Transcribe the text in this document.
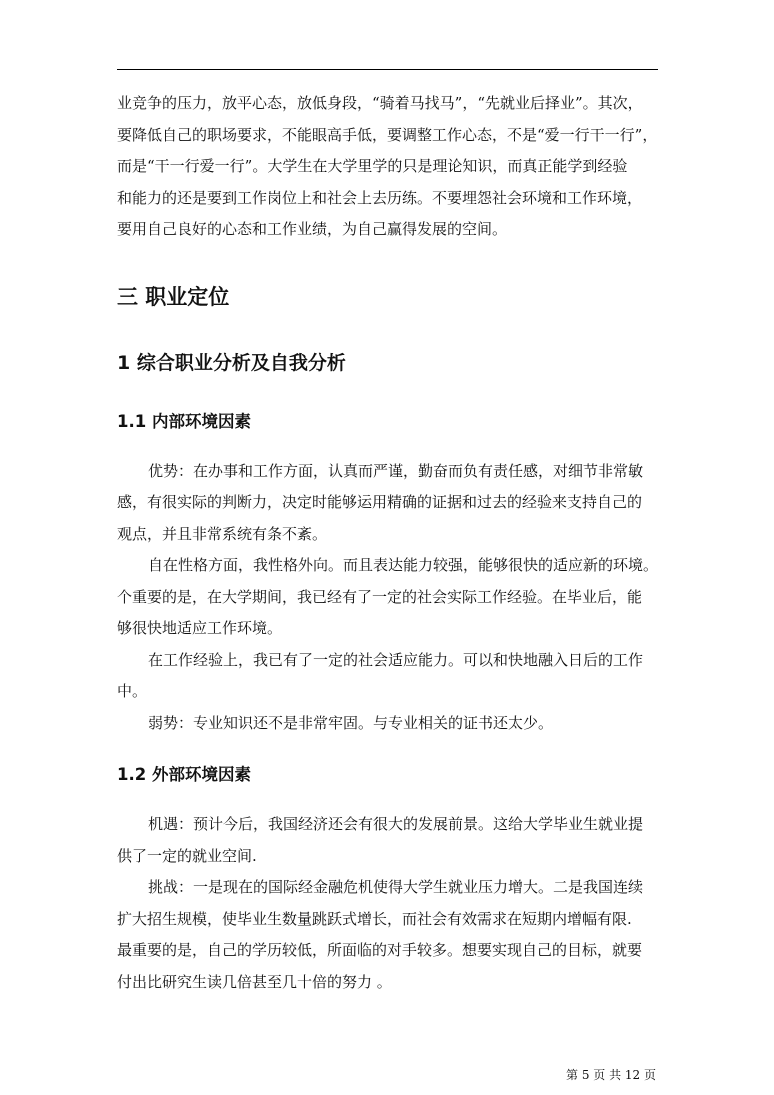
业竞争的压力，放平心态，放低身段，“骑着马找马”，“先就业后择业”。其次，
要降低自己的职场要求，不能眼高手低，要调整工作心态，不是“爱一行干一行”，
而是“干一行爱一行”。大学生在大学里学的只是理论知识，而真正能学到经验
和能力的还是要到工作岗位上和社会上去历练。不要埋怨社会环境和工作环境，
要用自己良好的心态和工作业绩，为自己赢得发展的空间。

三 职业定位
1 综合职业分析及自我分析
1.1 内部环境因素

优势：在办事和工作方面，认真而严谨，勤奋而负有责任感，对细节非常敏
感，有很实际的判断力，决定时能够运用精确的证据和过去的经验来支持自己的
观点，并且非常系统有条不紊。

自在性格方面，我性格外向。而且表达能力较强，能够很快的适应新的环境。
个重要的是，在大学期间，我已经有了一定的社会实际工作经验。在毕业后，能
够很快地适应工作环境。

在工作经验上，我已有了一定的社会适应能力。可以和快地融入日后的工作
中。

弱势：专业知识还不是非常牢固。与专业相关的证书还太少。

1.2 外部环境因素

机遇：预计今后，我国经济还会有很大的发展前景。这给大学毕业生就业提
供了一定的就业空间.

挑战：一是现在的国际经金融危机使得大学生就业压力增大。二是我国连续
扩大招生规模，使毕业生数量跳跃式增长，而社会有效需求在短期内增幅有限.
最重要的是，自己的学历较低，所面临的对手较多。想要实现自己的目标，就要
付出比研究生读几倍甚至几十倍的努力 。

第 5 页 共 12 页
